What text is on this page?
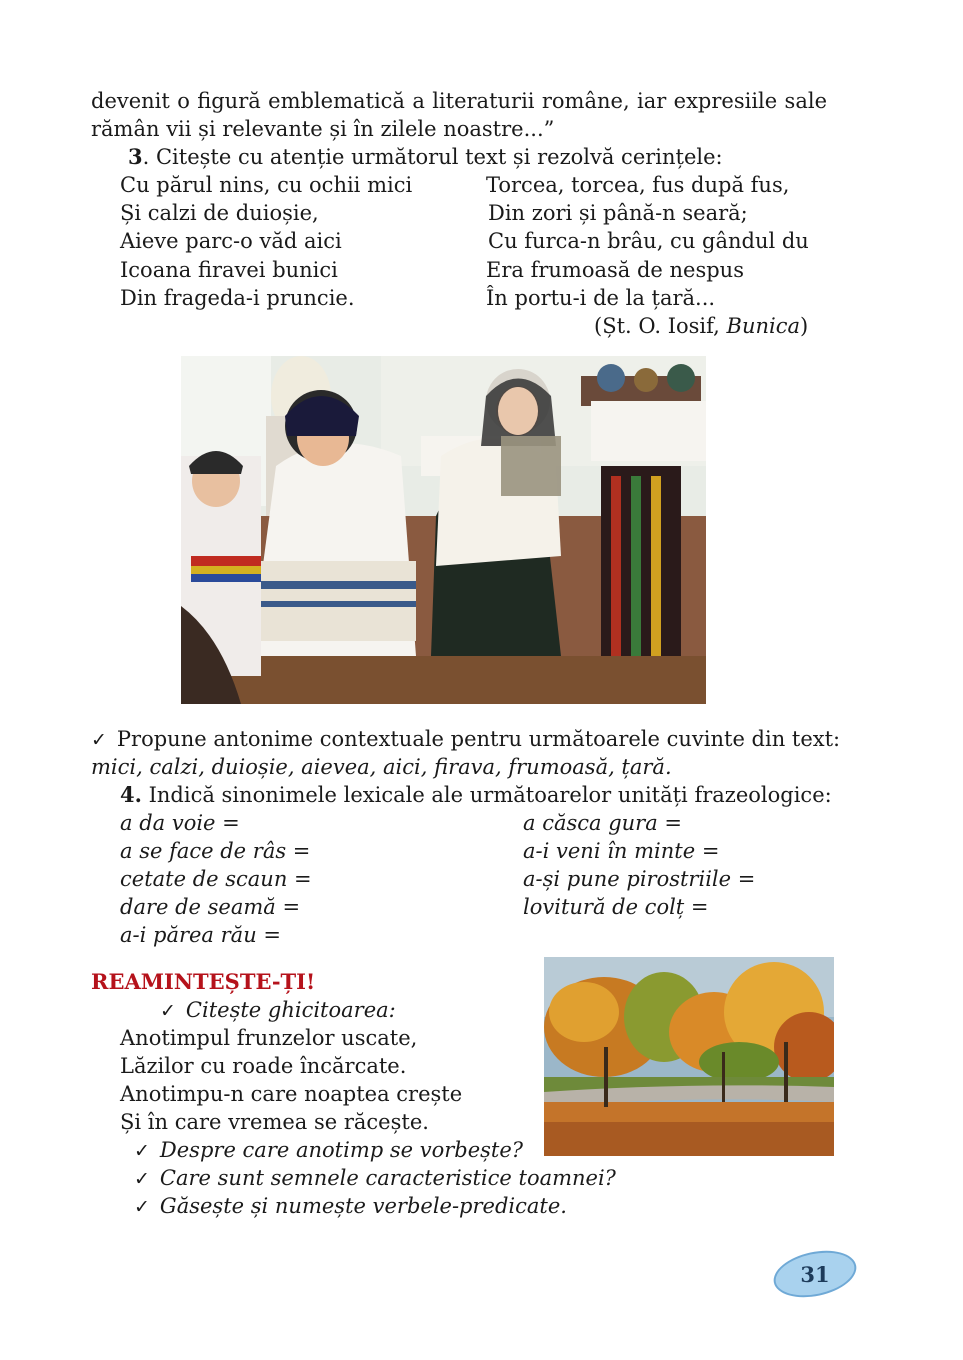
devenit o figură emblematică a literaturii române, iar expresiile sale
rămân vii și relevante și în zilele noastre...”
3. Citește cu atenție următorul text și rezolvă cerințele:
Cu părul nins, cu ochii mici
Și calzi de duioșie,
Aieve parc-o văd aici
Icoana firavei bunici
Din fragedа-i pruncie.
Torcea, torcea, fus după fus,
Din zori și până-n seară;
Cu furca-n brâu, cu gândul du
Era frumoasă de nespus
În portu-i de la țară...
(Șt. O. Iosif, Bunica)
✓ Propune antonime contextuale pentru următoarele cuvinte din text:
mici, calzi, duioșie, aievea, aici, firava, frumoasă, țară.
4. Indică sinonimele lexicale ale următoarelor unități frazeologice:
a da voie =
a se face de râs =
cetate de scaun =
dare de seamă =
a-i părea rău =
a căsca gura =
a-i veni în minte =
a-și pune pirostriile =
lovitură de colț =
REAMINTEȘTE-ȚI!
✓ Citește ghicitoarea:
Anotimpul frunzelor uscate,
Lăzilor cu roade încărcate.
Anotimpu-n care noaptea crește
Și în care vremea se răcește.
✓ Despre care anotimp se vorbește?
✓ Care sunt semnele caracteristice toamnei?
✓ Găsește și numește verbele-predicate.
31
